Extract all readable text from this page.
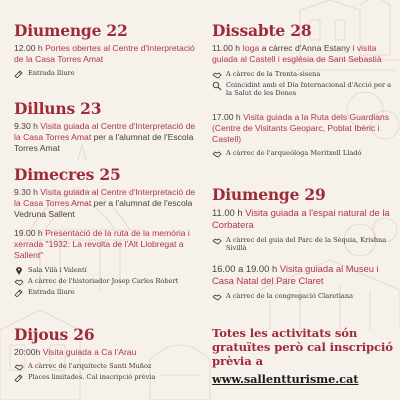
Diumenge 22
12.00 h Portes obertes al Centre d'Interpretació de la Casa Torres Amat
Entrada lliure
Dilluns 23
9.30 h Visita guiada al Centre d'Interpretació de la Casa Torres Amat per a l'alumnat de l'Escola Torres Amat
Dimecres 25
9.30 h Visita guiada al Centre d'Interpretació de la Casa Torres Amat per a l'alumnat de l'escola Vedruna Sallent
19.00 h Presentació de la ruta de la memòria i xerrada "1932: La revolta de l'Alt Llobregat a Sallent"
Sala Vilà i Valentí
A càrrec de l'historiador Josep Carles Robert
Entrada lliure
Dijous 26
20:00h Visita guiada a Ca l'Arau
A càrrec de l'arquitecte Santi Muñoz
Places limitades. Cal inscripció prèvia
Dissabte 28
11.00 h Ioga a càrrec d'Anna Estany i visita guiada al Castell i església de Sant Sebastià
A càrrec de la Trenta-sisena
Coincidint amb el Dia Internacional d'Acció per a la Salut de les Dones
17.00 h Visita guiada a la Ruta dels Guardians (Centre de Visitants Geoparc, Poblat Ibèric i Castell)
A càrrec de l'arqueòloga Meritxell Lladó
Diumenge 29
11.00 h Visita guiada a l'espai natural de la Corbatera
A càrrec del guia del Parc de la Sèquia, Krishna Sivillà
16.00 a 19.00 h Visita guiada al Museu i Casa Natal del Pare Claret
A càrrec de la congregació Claretiana
Totes les activitats són gratuïtes però cal inscripció prèvia a
www.sallentturisme.cat
